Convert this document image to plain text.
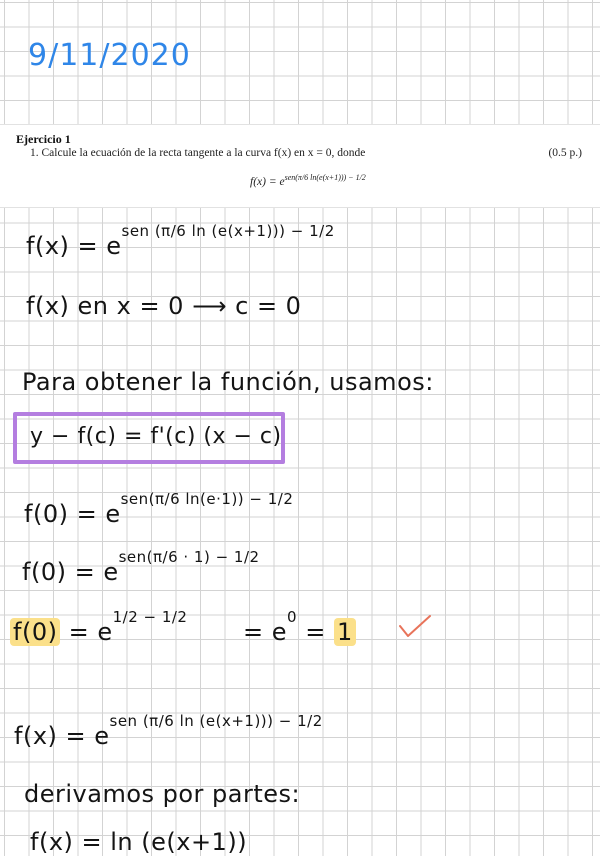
9/11/2020
Ejercicio 1
1. Calcule la ecuación de la recta tangente a la curva f(x) en x = 0, donde	(0.5 p.)
$f(x) = e^{sen(\pi/6 ln(e(x+1))) - 1/2}$
$f(x) = e^{sen (\pi/6 ln (e(x+1))) - 1/2}$
f(x) en x = 0 ⟶ c = 0
Para obtener la función, usamos:
y − f(c) = f'(c) (x − c)
$f(0) = e^{sen(\pi/6 ln(e\cdot 1)) - 1/2}$
$f(0) = e^{sen(\pi/6 \cdot 1) - 1/2}$
$f(0) = e^{1/2 - 1/2}$
= $e^0 = 1$
$f(x) = e^{sen (\pi/6 ln (e(x+1))) - 1/2}$
derivamos por partes:
f(x) = ln (e(x+1))
